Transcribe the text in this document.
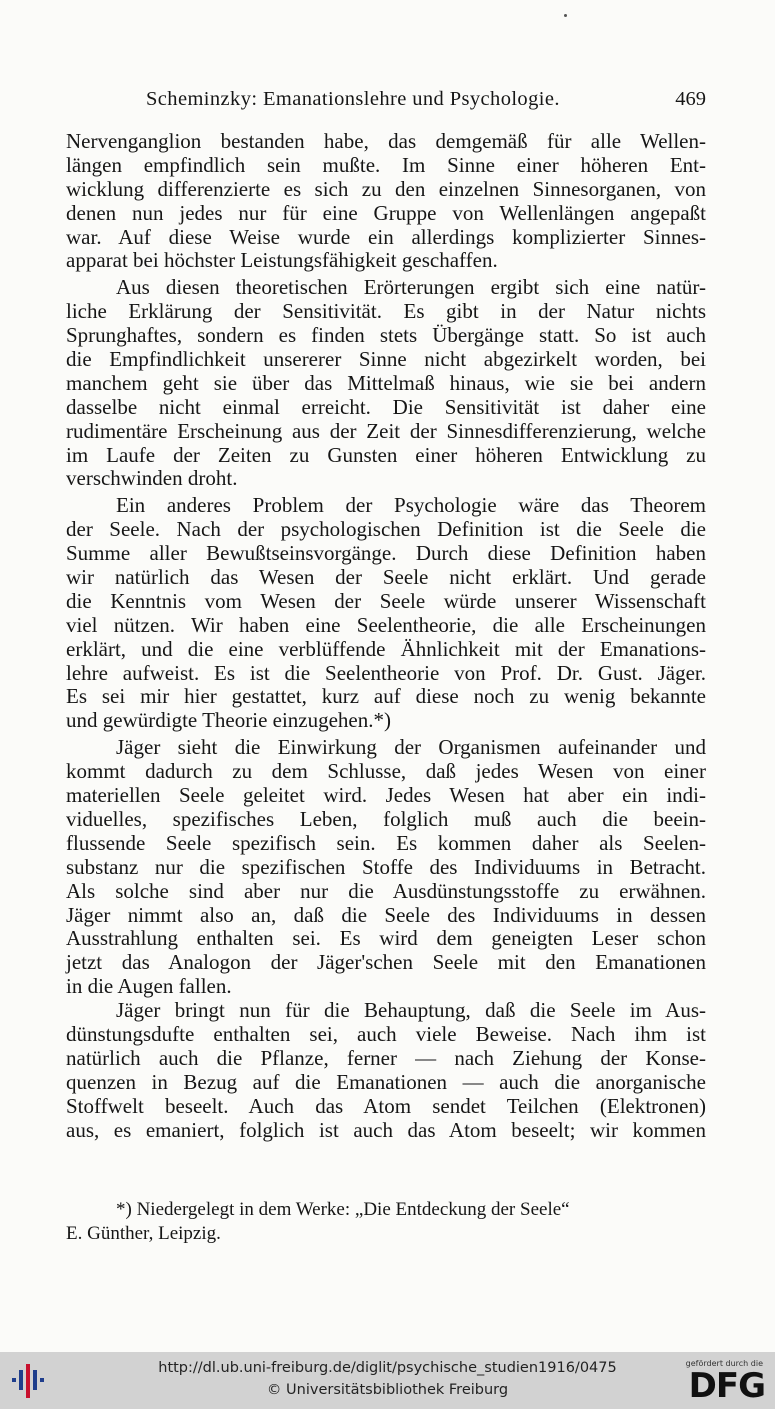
Scheminzky: Emanationslehre und Psychologie.	469
Nervenganglion bestanden habe, das demgemäß für alle Wellen-
längen empfindlich sein mußte. Im Sinne einer höheren Ent-
wicklung differenzierte es sich zu den einzelnen Sinnesorganen, von
denen nun jedes nur für eine Gruppe von Wellenlängen angepaßt
war. Auf diese Weise wurde ein allerdings komplizierter Sinnes-
apparat bei höchster Leistungsfähigkeit geschaffen.
Aus diesen theoretischen Erörterungen ergibt sich eine natür-
liche Erklärung der Sensitivität. Es gibt in der Natur nichts
Sprunghaftes, sondern es finden stets Übergänge statt. So ist auch
die Empfindlichkeit unsererer Sinne nicht abgezirkelt worden, bei
manchem geht sie über das Mittelmaß hinaus, wie sie bei andern
dasselbe nicht einmal erreicht. Die Sensitivität ist daher eine
rudimentäre Erscheinung aus der Zeit der Sinnesdifferenzierung, welche
im Laufe der Zeiten zu Gunsten einer höheren Entwicklung zu
verschwinden droht.
Ein anderes Problem der Psychologie wäre das Theorem
der Seele. Nach der psychologischen Definition ist die Seele die
Summe aller Bewußtseinsvorgänge. Durch diese Definition haben
wir natürlich das Wesen der Seele nicht erklärt. Und gerade
die Kenntnis vom Wesen der Seele würde unserer Wissenschaft
viel nützen. Wir haben eine Seelentheorie, die alle Erscheinungen
erklärt, und die eine verblüffende Ähnlichkeit mit der Emanations-
lehre aufweist. Es ist die Seelentheorie von Prof. Dr. Gust. Jäger.
Es sei mir hier gestattet, kurz auf diese noch zu wenig bekannte
und gewürdigte Theorie einzugehen.*)
Jäger sieht die Einwirkung der Organismen aufeinander und
kommt dadurch zu dem Schlusse, daß jedes Wesen von einer
materiellen Seele geleitet wird. Jedes Wesen hat aber ein indi-
viduelles, spezifisches Leben, folglich muß auch die beein-
flussende Seele spezifisch sein. Es kommen daher als Seelen-
substanz nur die spezifischen Stoffe des Individuums in Betracht.
Als solche sind aber nur die Ausdünstungsstoffe zu erwähnen.
Jäger nimmt also an, daß die Seele des Individuums in dessen
Ausstrahlung enthalten sei. Es wird dem geneigten Leser schon
jetzt das Analogon der Jäger'schen Seele mit den Emanationen
in die Augen fallen.
Jäger bringt nun für die Behauptung, daß die Seele im Aus-
dünstungsdufte enthalten sei, auch viele Beweise. Nach ihm ist
natürlich auch die Pflanze, ferner — nach Ziehung der Konse-
quenzen in Bezug auf die Emanationen — auch die anorganische
Stoffwelt beseelt. Auch das Atom sendet Teilchen (Elektronen)
aus, es emaniert, folglich ist auch das Atom beseelt; wir kommen
*) Niedergelegt in dem Werke: „Die Entdeckung der Seele“
E. Günther, Leipzig.
http://dl.ub.uni-freiburg.de/diglit/psychische_studien1916/0475
© Universitätsbibliothek Freiburg
gefördert durch die
DFG
